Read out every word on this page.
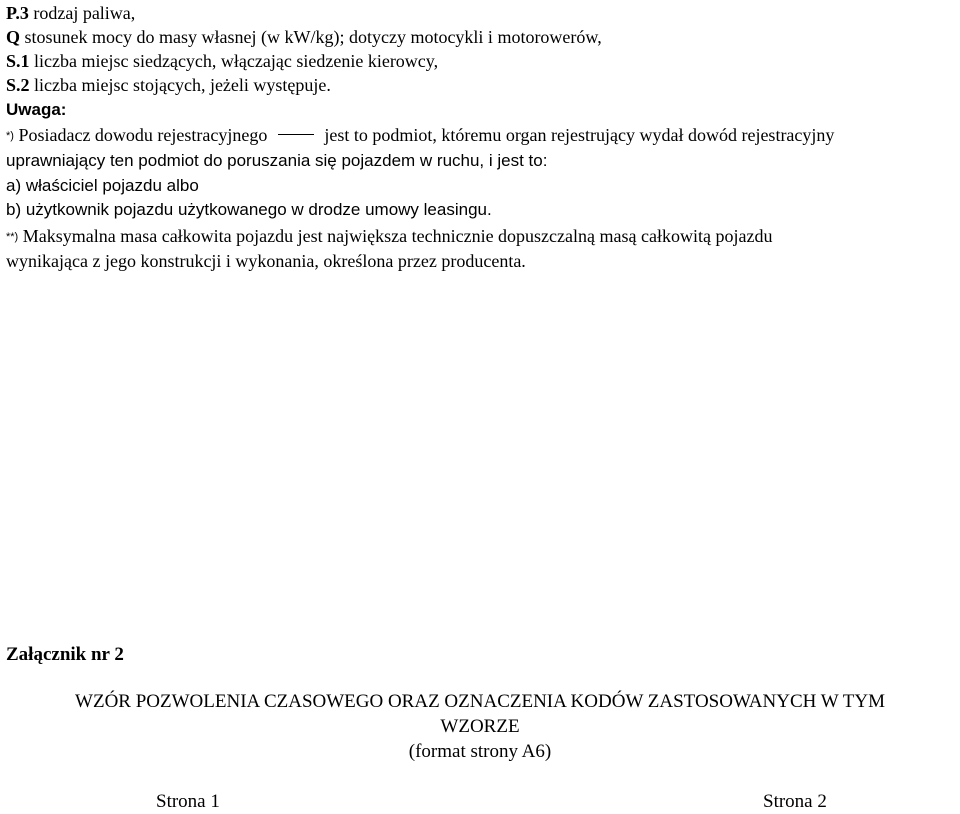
P.3 rodzaj paliwa,
Q stosunek mocy do masy własnej (w kW/kg); dotyczy motocykli i motorowerów,
S.1 liczba miejsc siedzących, włączając siedzenie kierowcy,
S.2 liczba miejsc stojących, jeżeli występuje.
Uwaga:
*) Posiadacz dowodu rejestracyjnego	jest to podmiot, któremu organ rejestrujący wydał dowód rejestracyjny
uprawniający ten podmiot do poruszania się pojazdem w ruchu, i jest to:
a) właściciel pojazdu albo
b) użytkownik pojazdu użytkowanego w drodze umowy leasingu.
**) Maksymalna masa całkowita pojazdu jest największa technicznie dopuszczalną masą całkowitą pojazdu
wynikająca z jego konstrukcji i wykonania, określona przez producenta.
Załącznik nr 2
WZÓR POZWOLENIA CZASOWEGO ORAZ OZNACZENIA KODÓW ZASTOSOWANYCH W TYM
WZORZE
(format strony A6)
Strona 1	Strona 2
